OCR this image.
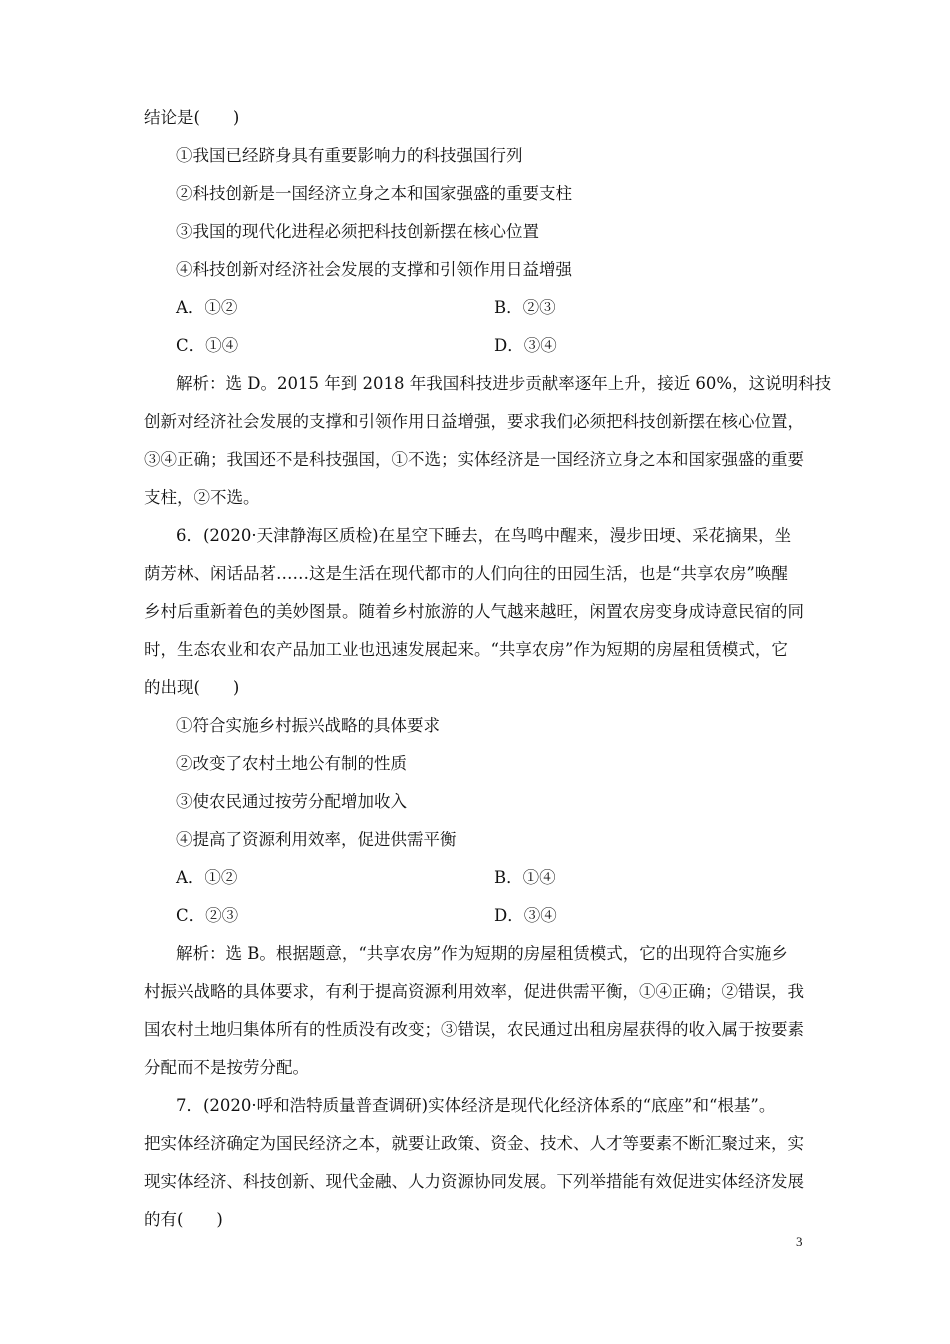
结论是(　　)
①我国已经跻身具有重要影响力的科技强国行列
②科技创新是一国经济立身之本和国家强盛的重要支柱
③我国的现代化进程必须把科技创新摆在核心位置
④科技创新对经济社会发展的支撑和引领作用日益增强
A．①②	B．②③
C．①④	D．③④
解析：选 D。2015 年到 2018 年我国科技进步贡献率逐年上升，接近 60%，这说明科技
创新对经济社会发展的支撑和引领作用日益增强，要求我们必须把科技创新摆在核心位置，
③④正确；我国还不是科技强国，①不选；实体经济是一国经济立身之本和国家强盛的重要
支柱，②不选。
6．(2020·天津静海区质检)在星空下睡去，在鸟鸣中醒来，漫步田埂、采花摘果，坐
荫芳林、闲话品茗……这是生活在现代都市的人们向往的田园生活，也是“共享农房”唤醒
乡村后重新着色的美妙图景。随着乡村旅游的人气越来越旺，闲置农房变身成诗意民宿的同
时，生态农业和农产品加工业也迅速发展起来。“共享农房”作为短期的房屋租赁模式，它
的出现(　　)
①符合实施乡村振兴战略的具体要求
②改变了农村土地公有制的性质
③使农民通过按劳分配增加收入
④提高了资源利用效率，促进供需平衡
A．①②	B．①④
C．②③	D．③④
解析：选 B。根据题意，“共享农房”作为短期的房屋租赁模式，它的出现符合实施乡
村振兴战略的具体要求，有利于提高资源利用效率，促进供需平衡，①④正确；②错误，我
国农村土地归集体所有的性质没有改变；③错误，农民通过出租房屋获得的收入属于按要素
分配而不是按劳分配。
7．(2020·呼和浩特质量普查调研)实体经济是现代化经济体系的“底座”和“根基”。
把实体经济确定为国民经济之本，就要让政策、资金、技术、人才等要素不断汇聚过来，实
现实体经济、科技创新、现代金融、人力资源协同发展。下列举措能有效促进实体经济发展
的有(　　)
3
